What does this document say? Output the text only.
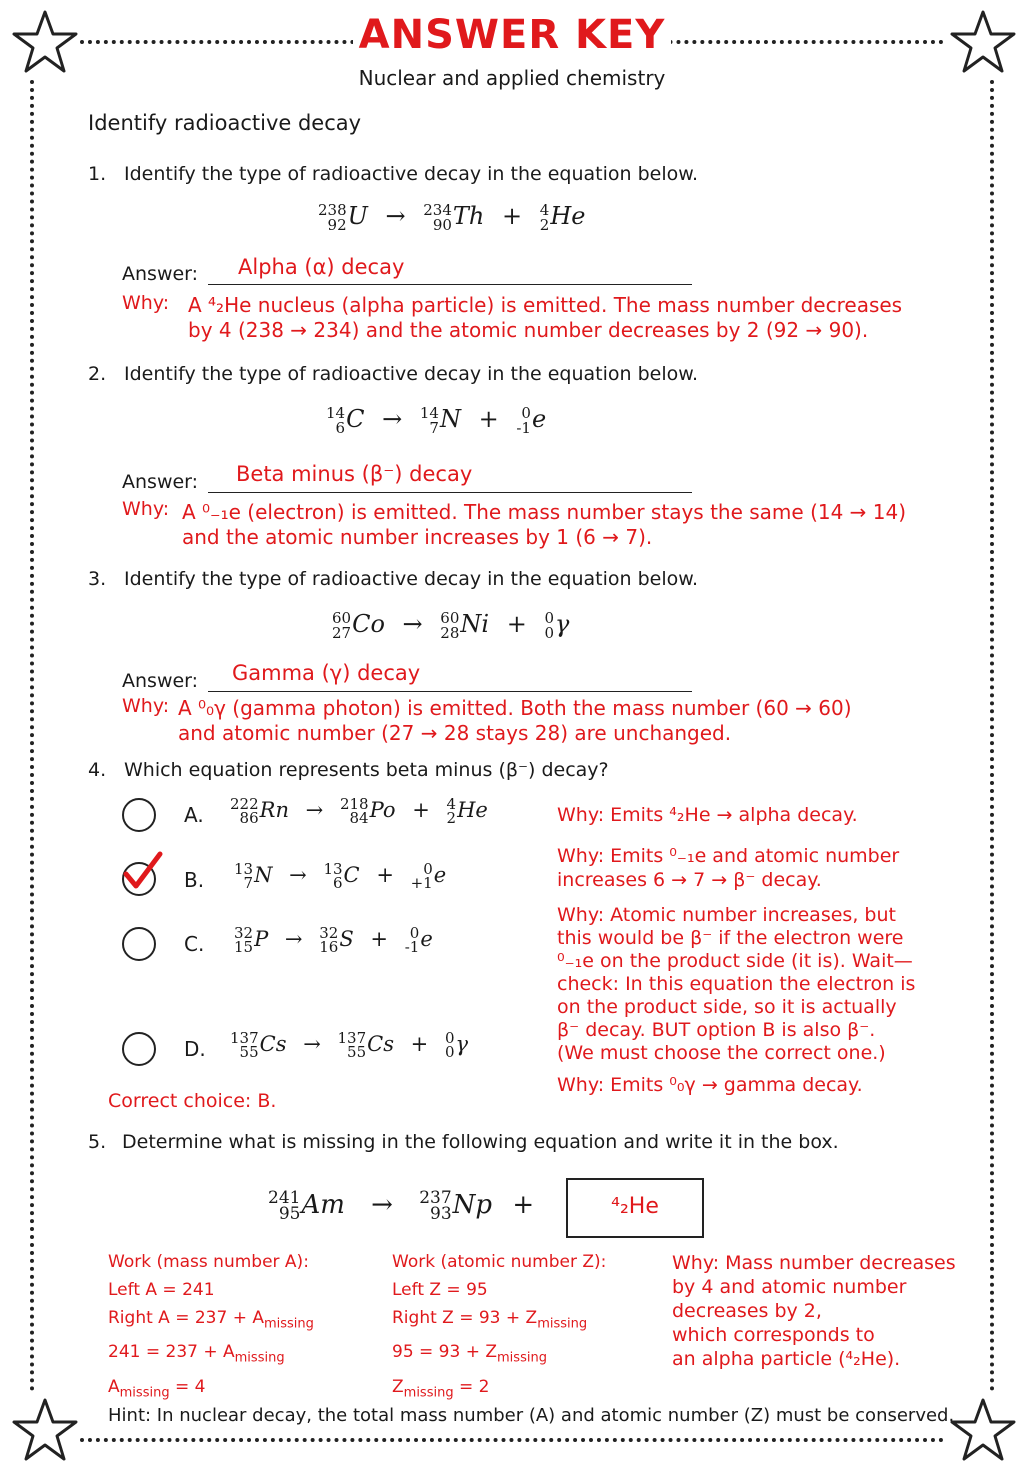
ANSWER KEY
Nuclear and applied chemistry
Identify radioactive decay
1. Identify the type of radioactive decay in the equation below.
238
92U → 234
90Th + 4
2He
Answer: Alpha (α) decay
Why: A ⁴₂He nucleus (alpha particle) is emitted. The mass number decreases
by 4 (238 → 234) and the atomic number decreases by 2 (92 → 90).
2. Identify the type of radioactive decay in the equation below.
14
6C → 14
7N + 0
-1e
Answer: Beta minus (β⁻) decay
Why: A ⁰₋₁e (electron) is emitted. The mass number stays the same (14 → 14)
and the atomic number increases by 1 (6 → 7).
3. Identify the type of radioactive decay in the equation below.
60
27Co → 60
28Ni + 0
0γ
Answer: Gamma (γ) decay
Why: A ⁰₀γ (gamma photon) is emitted. Both the mass number (60 → 60)
and atomic number (27 → 28 stays 28) are unchanged.
4. Which equation represents beta minus (β⁻) decay?
A. 222
86Rn → 218
84Po + 4
2He	Why: Emits ⁴₂He → alpha decay.
B. 13
7N → 13
6C + 0
+1e
Why: Emits ⁰₋₁e and atomic number
increases 6 → 7 → β⁻ decay.
C. 32
15P → 32
16S + 0
-1e
Why: Atomic number increases, but
this would be β⁻ if the electron were
⁰₋₁e on the product side (it is). Wait—
check: In this equation the electron is
on the product side, so it is actually
β⁻ decay. BUT option B is also β⁻.
(We must choose the correct one.)
D. 137
55Cs → 137
55Cs + 0
0γ
Why: Emits ⁰₀γ → gamma decay.
Correct choice: B.
5. Determine what is missing in the following equation and write it in the box.
241
95Am → 237
93Np +	⁴₂He
Work (mass number A):
Left A = 241
Right $A = 237 + A_{missing}$
$241 = 237 + A_{missing}$
$A_{missing} = 4$
Work (atomic number Z):
Left Z = 95
Right $Z = 93 + Z_{missing}$
$95 = 93 + Z_{missing}$
$Z_{missing} = 2$
Why: Mass number decreases
by 4 and atomic number
decreases by 2,
which corresponds to
an alpha particle (⁴₂He).
Hint: In nuclear decay, the total mass number (A) and atomic number (Z) must be conserved.
